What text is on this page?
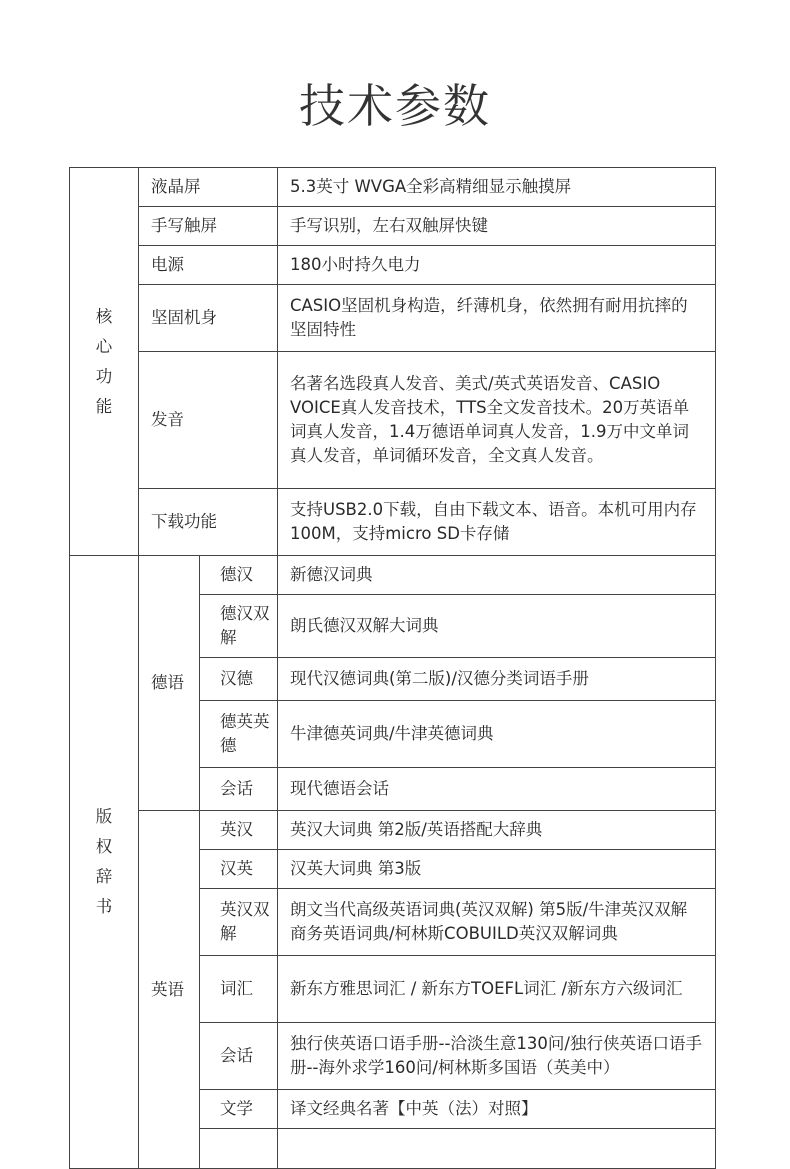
技术参数
核心功能	液晶屏		5.3英寸 WVGA全彩高精细显示触摸屏
	手写触屏		手写识别，左右双触屏快键
	电源		180小时持久电力
	坚固机身		CASIO坚固机身构造，纤薄机身，依然拥有耐用抗摔的坚固特性
	发音		名著名选段真人发音、美式/英式英语发音、CASIO VOICE真人发音技术，TTS全文发音技术。20万英语单词真人发音，1.4万德语单词真人发音，1.9万中文单词真人发音，单词循环发音，全文真人发音。
	下载功能		支持USB2.0下载，自由下载文本、语音。本机可用内存100M，支持micro SD卡存储
版权辞书	德语	德汉	新德汉词典
		德汉双解	朗氏德汉双解大词典
		汉德	现代汉德词典(第二版)/汉德分类词语手册
		德英英德	牛津德英词典/牛津英德词典
		会话	现代德语会话
	英语	英汉	英汉大词典 第2版/英语搭配大辞典
		汉英	汉英大词典 第3版
		英汉双解	朗文当代高级英语词典(英汉双解) 第5版/牛津英汉双解商务英语词典/柯林斯COBUILD英汉双解词典
		词汇	新东方雅思词汇 / 新东方TOEFL词汇 /新东方六级词汇
		会话	独行侠英语口语手册--洽淡生意130问/独行侠英语口语手册--海外求学160问/柯林斯多国语（英美中）
		文学	译文经典名著【中英（法）对照】
